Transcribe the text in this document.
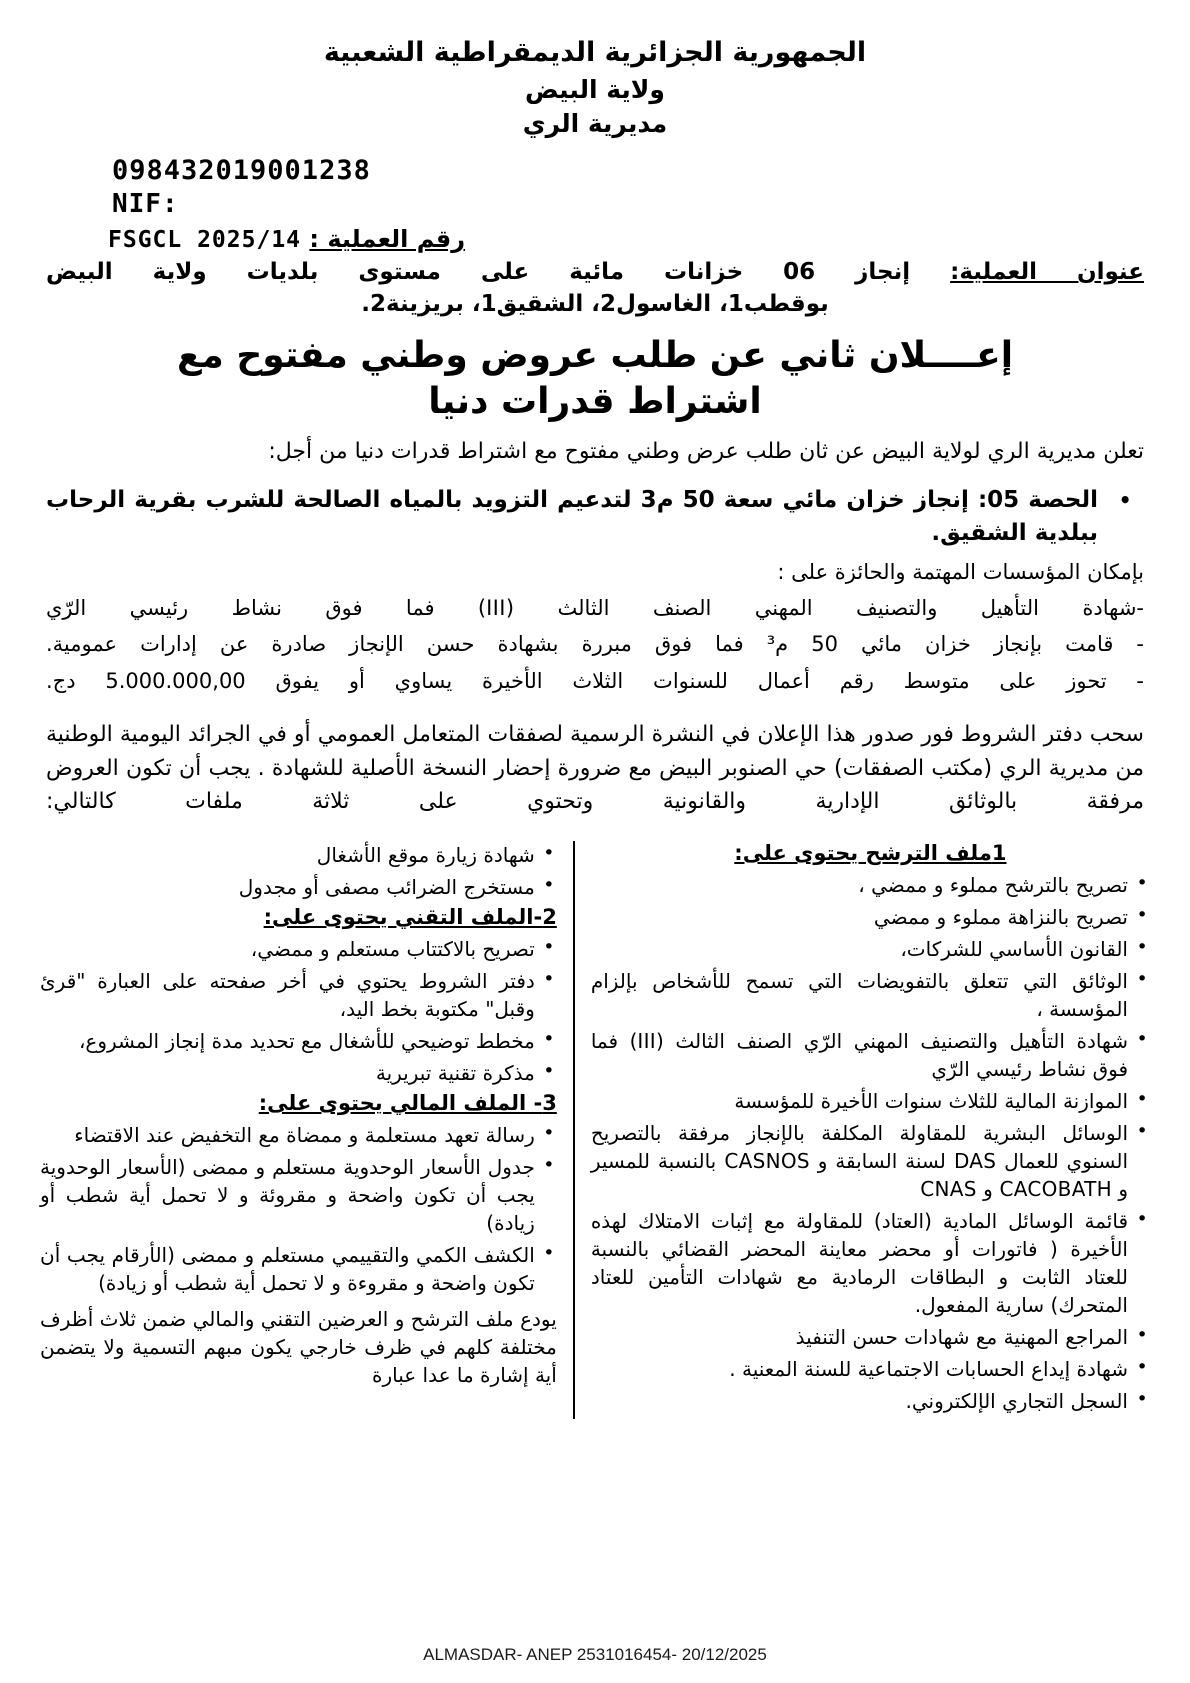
الجمهورية الجزائرية الديمقراطية الشعبية
ولاية البيض
مديرية الري
098432019001238
NIF:
رقم العملية : FSGCL 2025/14
عنوان العملية: إنجاز 06 خزانات مائية على مستوى بلديات ولاية البيض
بوقطب1، الغاسول2، الشقيق1، بريزينة2.
إعــــلان ثاني عن طلب عروض وطني مفتوح مع
اشتراط قدرات دنيا
تعلن مديرية الري لولاية البيض عن ثان طلب عرض وطني مفتوح مع اشتراط قدرات دنيا من أجل:
•
الحصة 05: إنجاز خزان مائي سعة 50 م3 لتدعيم التزويد بالمياه الصالحة للشرب بقرية الرحاب ببلدية الشقيق.
بإمكان المؤسسات المهتمة والحائزة على :
-شهادة التأهيل والتصنيف المهني الصنف الثالث (III) فما فوق نشاط رئيسي الرّي
- قامت بإنجاز خزان مائي 50 م³ فما فوق مبررة بشهادة حسن الإنجاز صادرة عن إدارات عمومية.
- تحوز على متوسط رقم أعمال للسنوات الثلاث الأخيرة يساوي أو يفوق 5.000.000,00 دج.
سحب دفتر الشروط فور صدور هذا الإعلان في النشرة الرسمية لصفقات المتعامل العمومي أو في الجرائد اليومية الوطنية من مديرية الري (مكتب الصفقات) حي الصنوبر البيض مع ضرورة إحضار النسخة الأصلية للشهادة . يجب أن تكون العروض مرفقة بالوثائق الإدارية والقانونية وتحتوي على ثلاثة ملفات كالتالي:
1ملف الترشح يحتوى على:
• تصريح بالترشح مملوء و ممضي ،
• تصريح بالنزاهة مملوء و ممضي
• القانون الأساسي للشركات،
• الوثائق التي تتعلق بالتفويضات التي تسمح للأشخاص بإلزام المؤسسة ،
• شهادة التأهيل والتصنيف المهني الرّي الصنف الثالث (III) فما فوق نشاط رئيسي الرّي
• الموازنة المالية للثلاث سنوات الأخيرة للمؤسسة
• الوسائل البشرية للمقاولة المكلفة بالإنجاز مرفقة بالتصريح السنوي للعمال DAS لسنة السابقة و CASNOS بالنسبة للمسير و CACOBATH و CNAS
• قائمة الوسائل المادية (العتاد) للمقاولة مع إثبات الامتلاك لهذه الأخيرة ( فاتورات أو محضر معاينة المحضر القضائي بالنسبة للعتاد الثابت و البطاقات الرمادية مع شهادات التأمين للعتاد المتحرك) سارية المفعول.
• المراجع المهنية مع شهادات حسن التنفيذ
• شهادة إيداع الحسابات الاجتماعية للسنة المعنية .
• السجل التجاري الإلكتروني.
• شهادة زيارة موقع الأشغال
• مستخرج الضرائب مصفى أو مجدول
2-الملف التقني يحتوى على:
• تصريح بالاكتتاب مستعلم و ممضي،
• دفتر الشروط يحتوي في أخر صفحته على العبارة "قرئ وقبل" مكتوبة بخط اليد،
• مخطط توضيحي للأشغال مع تحديد مدة إنجاز المشروع،
• مذكرة تقنية تبريرية
3- الملف المالي يحتوى على:
• رسالة تعهد مستعلمة و ممضاة مع التخفيض عند الاقتضاء
• جدول الأسعار الوحدوية مستعلم و ممضى (الأسعار الوحدوية يجب أن تكون واضحة و مقروئة و لا تحمل أية شطب أو زيادة)
• الكشف الكمي والتقييمي مستعلم و ممضى (الأرقام يجب أن تكون واضحة و مقروءة و لا تحمل أية شطب أو زيادة)
يودع ملف الترشح و العرضين التقني والمالي ضمن ثلاث أظرف مختلفة كلهم في ظرف خارجي يكون مبهم التسمية ولا يتضمن أية إشارة ما عدا عبارة
ALMASDAR- ANEP 2531016454- 20/12/2025
